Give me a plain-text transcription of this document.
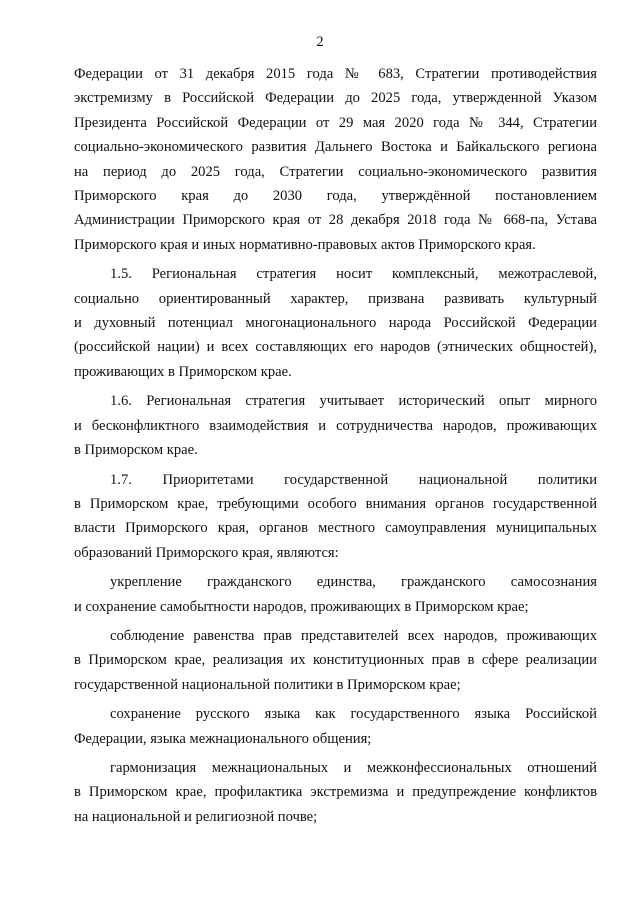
2

Федерации от 31 декабря 2015 года № 683, Стратегии противодействия
экстремизму в Российской Федерации до 2025 года, утвержденной Указом
Президента Российской Федерации от 29 мая 2020 года № 344, Стратегии
социально-экономического развития Дальнего Востока и Байкальского региона
на период до 2025 года, Стратегии социально-экономического развития
Приморского края до 2030 года, утверждённой постановлением
Администрации Приморского края от 28 декабря 2018 года № 668-па, Устава
Приморского края и иных нормативно-правовых актов Приморского края.

1.5. Региональная стратегия носит комплексный, межотраслевой,
социально ориентированный характер, призвана развивать культурный
и духовный потенциал многонационального народа Российской Федерации
(российской нации) и всех составляющих его народов (этнических общностей),
проживающих в Приморском крае.

1.6. Региональная стратегия учитывает исторический опыт мирного
и бесконфликтного взаимодействия и сотрудничества народов, проживающих
в Приморском крае.

1.7. Приоритетами государственной национальной политики
в Приморском крае, требующими особого внимания органов государственной
власти Приморского края, органов местного самоуправления муниципальных
образований Приморского края, являются:

укрепление гражданского единства, гражданского самосознания
и сохранение самобытности народов, проживающих в Приморском крае;

соблюдение равенства прав представителей всех народов, проживающих
в Приморском крае, реализация их конституционных прав в сфере реализации
государственной национальной политики в Приморском крае;

сохранение русского языка как государственного языка Российской
Федерации, языка межнационального общения;

гармонизация межнациональных и межконфессиональных отношений
в Приморском крае, профилактика экстремизма и предупреждение конфликтов
на национальной и религиозной почве;
